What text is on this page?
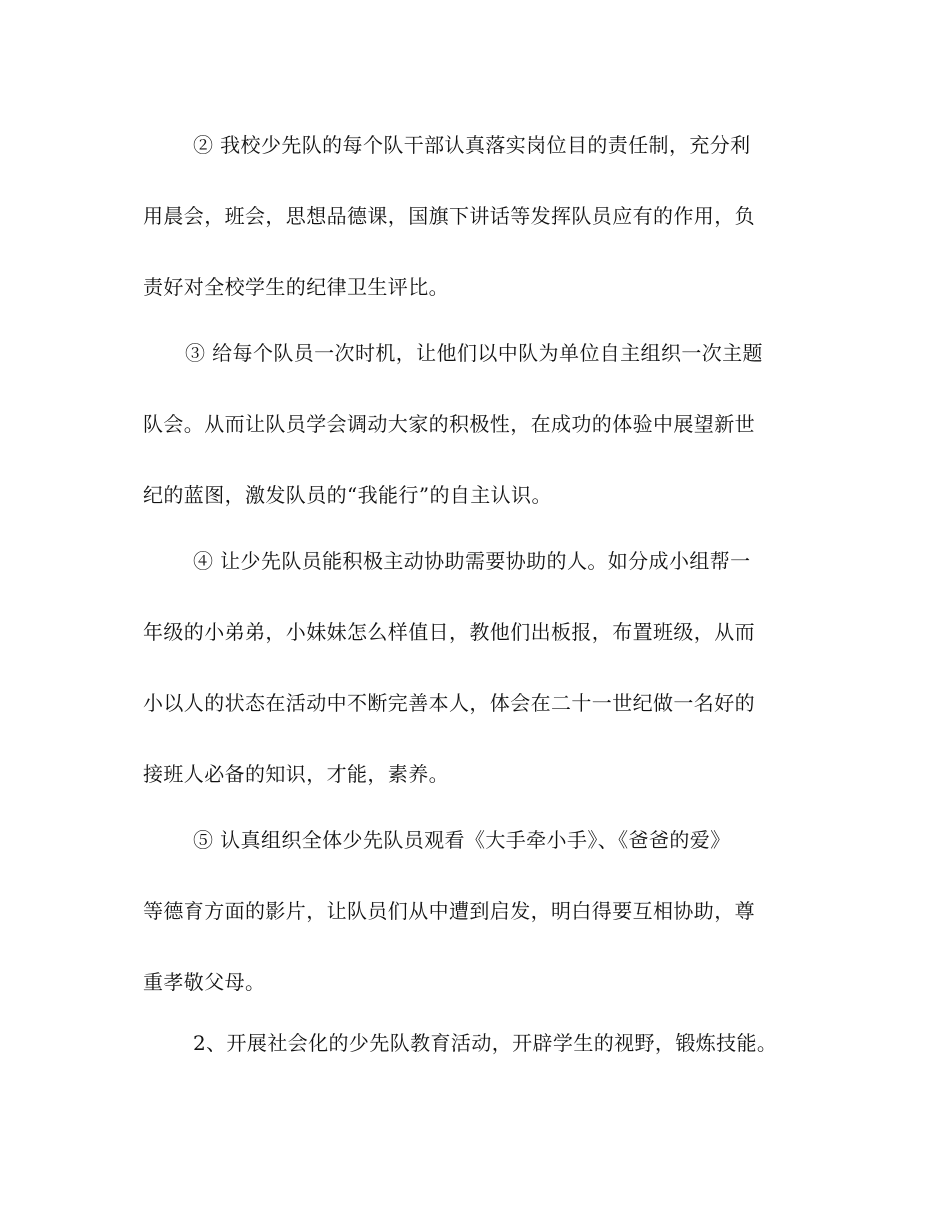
② 我校少先队的每个队干部认真落实岗位目的责任制，充分利
用晨会，班会，思想品德课，国旗下讲话等发挥队员应有的作用，负
责好对全校学生的纪律卫生评比。
③ 给每个队员一次时机，让他们以中队为单位自主组织一次主题
队会。从而让队员学会调动大家的积极性，在成功的体验中展望新世
纪的蓝图，激发队员的“我能行”的自主认识。
④ 让少先队员能积极主动协助需要协助的人。如分成小组帮一
年级的小弟弟，小妹妹怎么样值日，教他们出板报，布置班级，从而
小以人的状态在活动中不断完善本人，体会在二十一世纪做一名好的
接班人必备的知识，才能，素养。
⑤ 认真组织全体少先队员观看《大手牵小手》、《爸爸的爱》
等德育方面的影片，让队员们从中遭到启发，明白得要互相协助，尊
重孝敬父母。
2、开展社会化的少先队教育活动，开辟学生的视野，锻炼技能。
